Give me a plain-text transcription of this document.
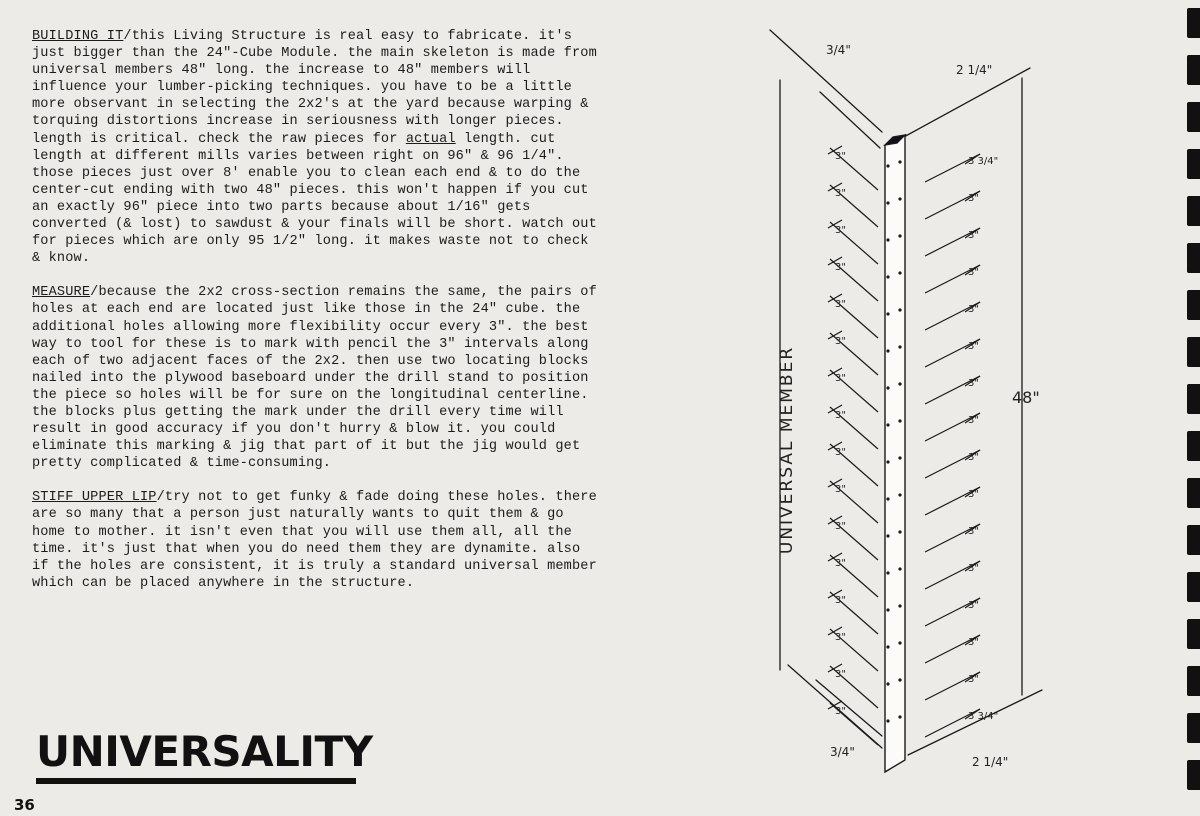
BUILDING IT/this Living Structure is real easy to fabricate. it's just bigger than the 24"-Cube Module. the main skeleton is made from universal members 48" long. the increase to 48" members will influence your lumber-picking techniques. you have to be a little more observant in selecting the 2x2's at the yard because warping & torquing distortions increase in seriousness with longer pieces. length is critical. check the raw pieces for actual length. cut length at different mills varies between right on 96" & 96 1/4". those pieces just over 8' enable you to clean each end & to do the center-cut ending with two 48" pieces. this won't happen if you cut an exactly 96" piece into two parts because about 1/16" gets converted (& lost) to sawdust & your finals will be short. watch out for pieces which are only 95 1/2" long. it makes waste not to check & know.

MEASURE/because the 2x2 cross-section remains the same, the pairs of holes at each end are located just like those in the 24" cube. the additional holes allowing more flexibility occur every 3". the best way to tool for these is to mark with pencil the 3" intervals along each of two adjacent faces of the 2x2. then use two locating blocks nailed into the plywood baseboard under the drill stand to position the piece so holes will be for sure on the longitudinal centerline. the blocks plus getting the mark under the drill every time will result in good accuracy if you don't hurry & blow it. you could eliminate this marking & jig that part of it but the jig would get pretty complicated & time-consuming.

STIFF UPPER LIP/try not to get funky & fade doing these holes. there are so many that a person just naturally wants to quit them & go home to mother. it isn't even that you will use them all, all the time. it's just that when you do need them they are dynamite. also if the holes are consistent, it is truly a standard universal member which can be placed anywhere in the structure.

UNIVERSALITY
36
3"	3 3/4"
3"	3"
3"	3"
3"	3"
3"	3"
3"	3"
3"	3"
3"	3"
3"	3"
3"	3"
3"	3"
3"	3"
3"	3"
3"	3"
3"	3"
3"	3 3/4"
3/4"
2 1/4"
48"
3/4"
2 1/4"
UNIVERSAL MEMBER
